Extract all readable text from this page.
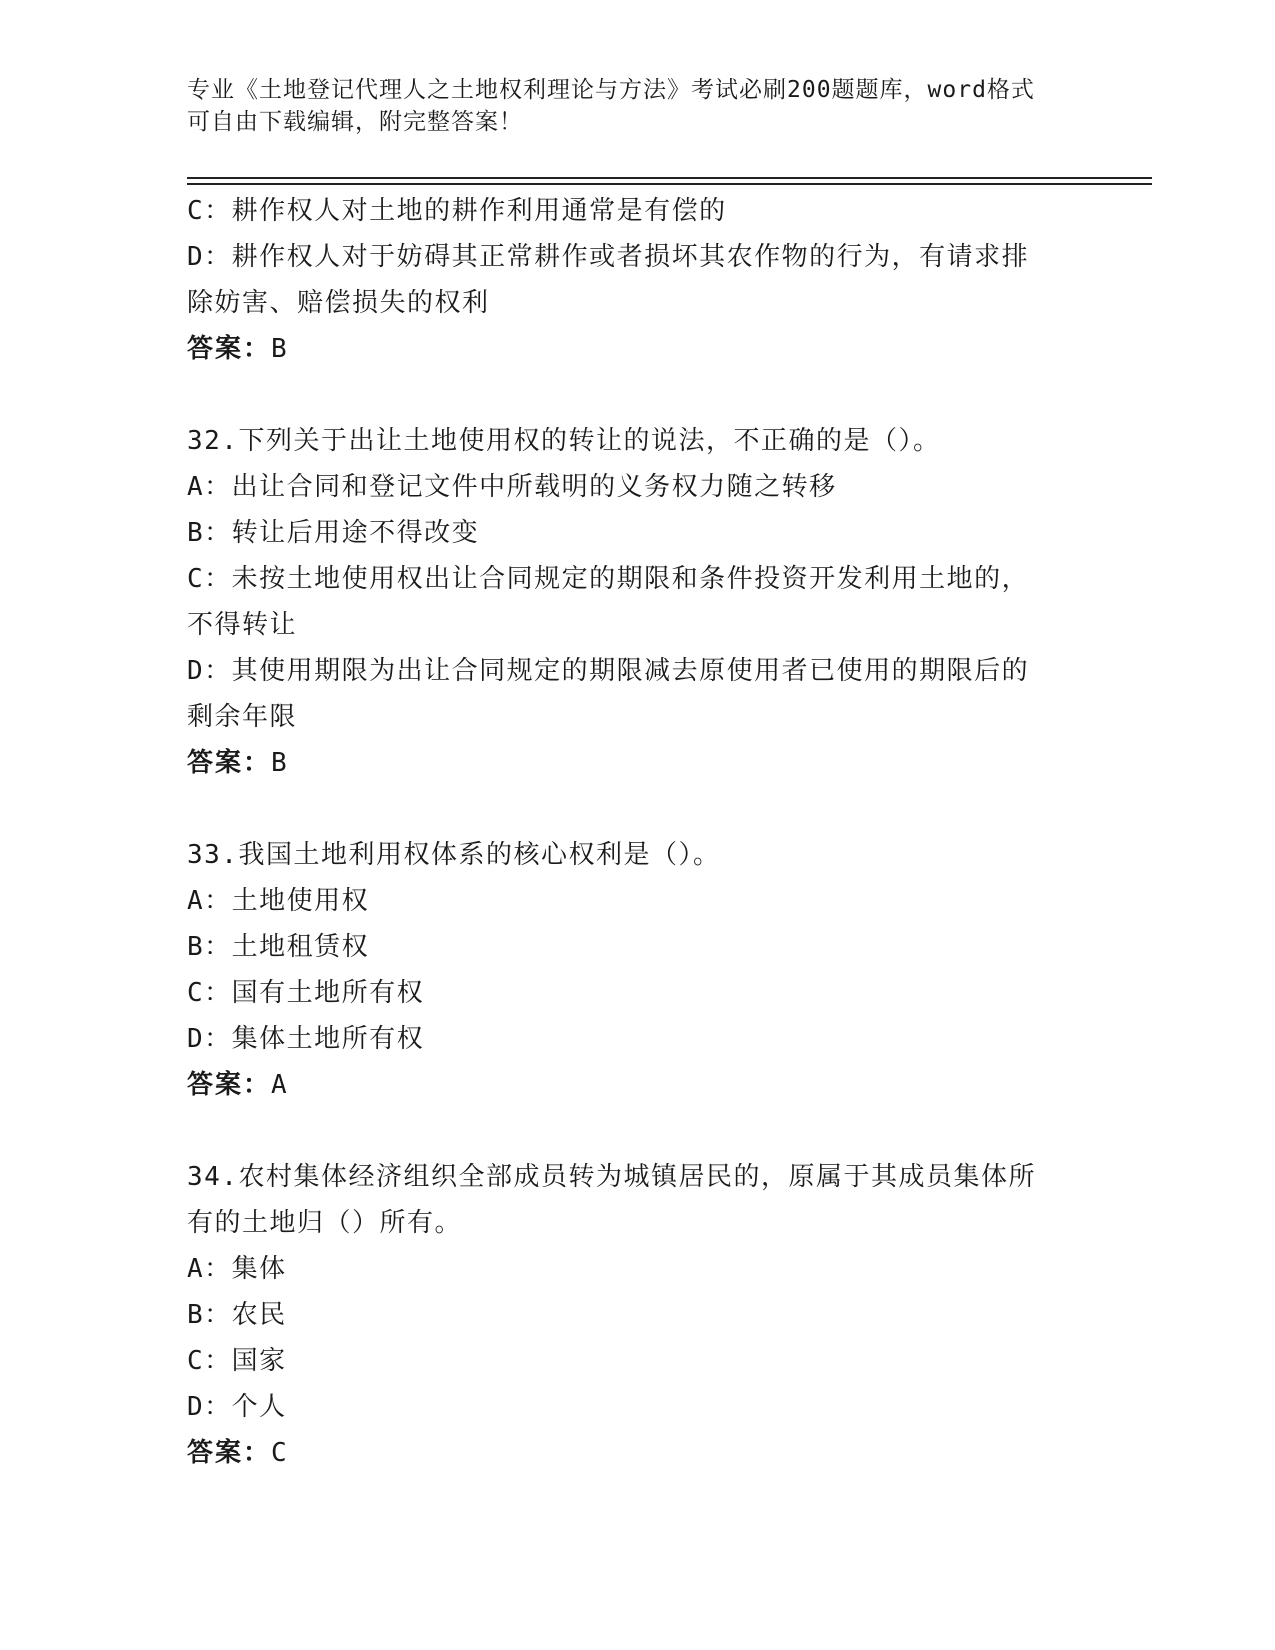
专业《土地登记代理人之土地权利理论与方法》考试必刷200题题库，word格式
可自由下载编辑，附完整答案！
C：耕作权人对土地的耕作利用通常是有偿的
D：耕作权人对于妨碍其正常耕作或者损坏其农作物的行为，有请求排
除妨害、赔偿损失的权利
答案：B
32.下列关于出让土地使用权的转让的说法，不正确的是（）。
A：出让合同和登记文件中所载明的义务权力随之转移
B：转让后用途不得改变
C：未按土地使用权出让合同规定的期限和条件投资开发利用土地的，
不得转让
D：其使用期限为出让合同规定的期限减去原使用者已使用的期限后的
剩余年限
答案：B
33.我国土地利用权体系的核心权利是（）。
A：土地使用权
B：土地租赁权
C：国有土地所有权
D：集体土地所有权
答案：A
34.农村集体经济组织全部成员转为城镇居民的，原属于其成员集体所
有的土地归（）所有。
A：集体
B：农民
C：国家
D：个人
答案：C
